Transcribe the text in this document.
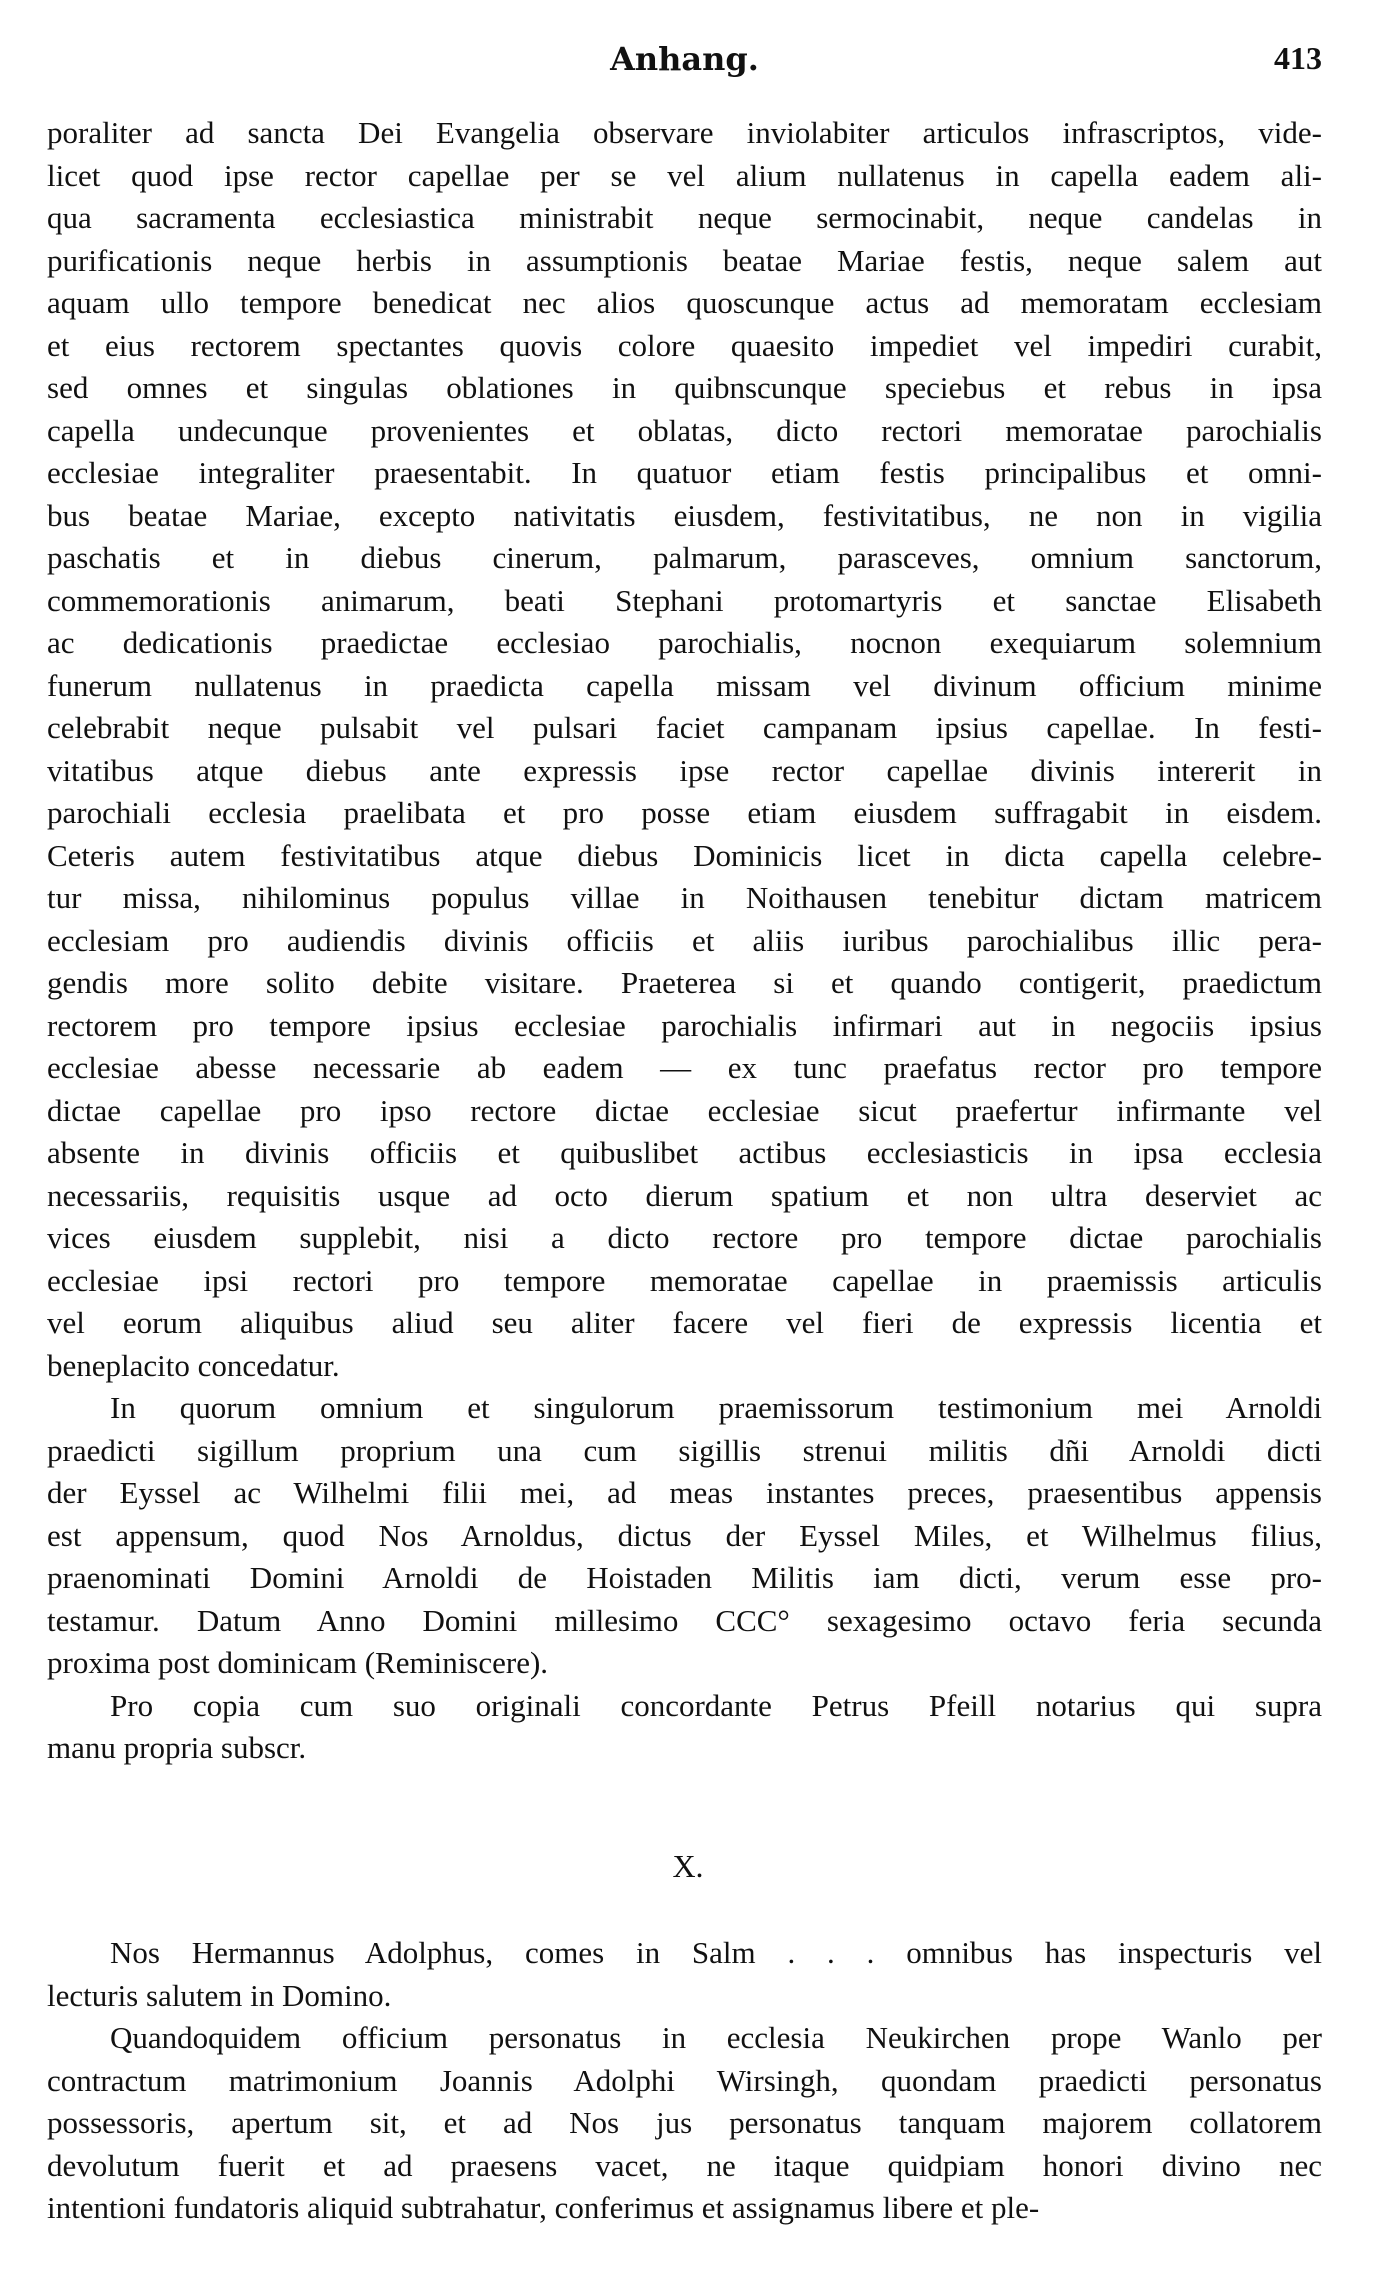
Anhang.	413
poraliter ad sancta Dei Evangelia observare inviolabiter articulos infrascriptos, vide-
licet quod ipse rector capellae per se vel alium nullatenus in capella eadem ali-
qua sacramenta ecclesiastica ministrabit neque sermocinabit, neque candelas in
purificationis neque herbis in assumptionis beatae Mariae festis, neque salem aut
aquam ullo tempore benedicat nec alios quoscunque actus ad memoratam ecclesiam
et eius rectorem spectantes quovis colore quaesito impediet vel impediri curabit,
sed omnes et singulas oblationes in quibnscunque speciebus et rebus in ipsa
capella undecunque provenientes et oblatas, dicto rectori memoratae parochialis
ecclesiae integraliter praesentabit. In quatuor etiam festis principalibus et omni-
bus beatae Mariae, excepto nativitatis eiusdem, festivitatibus, ne non in vigilia
paschatis et in diebus cinerum, palmarum, parasceves, omnium sanctorum,
commemorationis animarum, beati Stephani protomartyris et sanctae Elisabeth
ac dedicationis praedictae ecclesiao parochialis, nocnon exequiarum solemnium
funerum nullatenus in praedicta capella missam vel divinum officium minime
celebrabit neque pulsabit vel pulsari faciet campanam ipsius capellae. In festi-
vitatibus atque diebus ante expressis ipse rector capellae divinis intererit in
parochiali ecclesia praelibata et pro posse etiam eiusdem suffragabit in eisdem.
Ceteris autem festivitatibus atque diebus Dominicis licet in dicta capella celebre-
tur missa, nihilominus populus villae in Noithausen tenebitur dictam matricem
ecclesiam pro audiendis divinis officiis et aliis iuribus parochialibus illic pera-
gendis more solito debite visitare. Praeterea si et quando contigerit, praedictum
rectorem pro tempore ipsius ecclesiae parochialis infirmari aut in negociis ipsius
ecclesiae abesse necessarie ab eadem — ex tunc praefatus rector pro tempore
dictae capellae pro ipso rectore dictae ecclesiae sicut praefertur infirmante vel
absente in divinis officiis et quibuslibet actibus ecclesiasticis in ipsa ecclesia
necessariis, requisitis usque ad octo dierum spatium et non ultra deserviet ac
vices eiusdem supplebit, nisi a dicto rectore pro tempore dictae parochialis
ecclesiae ipsi rectori pro tempore memoratae capellae in praemissis articulis
vel eorum aliquibus aliud seu aliter facere vel fieri de expressis licentia et
beneplacito concedatur.
In quorum omnium et singulorum praemissorum testimonium mei Arnoldi
praedicti sigillum proprium una cum sigillis strenui militis dñi Arnoldi dicti
der Eyssel ac Wilhelmi filii mei, ad meas instantes preces, praesentibus appensis
est appensum, quod Nos Arnoldus, dictus der Eyssel Miles, et Wilhelmus filius,
praenominati Domini Arnoldi de Hoistaden Militis iam dicti, verum esse pro-
testamur. Datum Anno Domini millesimo CCC° sexagesimo octavo feria secunda
proxima post dominicam (Reminiscere).
Pro copia cum suo originali concordante Petrus Pfeill notarius qui supra
manu propria subscr.
X.
Nos Hermannus Adolphus, comes in Salm . . . omnibus has inspecturis vel
lecturis salutem in Domino.
Quandoquidem officium personatus in ecclesia Neukirchen prope Wanlo per
contractum matrimonium Joannis Adolphi Wirsingh, quondam praedicti personatus
possessoris, apertum sit, et ad Nos jus personatus tanquam majorem collatorem
devolutum fuerit et ad praesens vacet, ne itaque quidpiam honori divino nec
intentioni fundatoris aliquid subtrahatur, conferimus et assignamus libere et ple-
